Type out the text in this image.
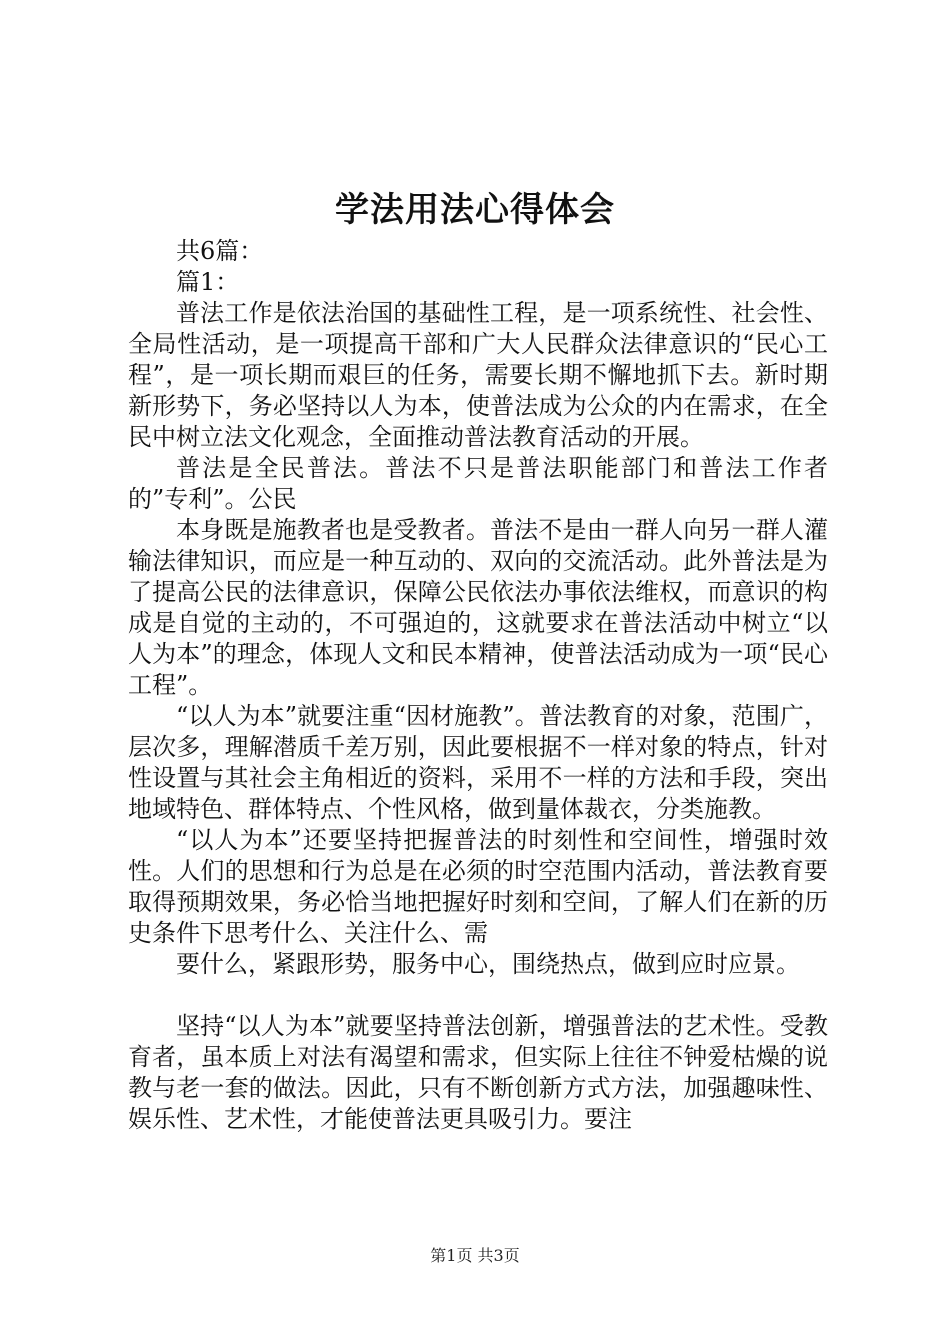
学法用法心得体会

共6篇：

篇1：

普法工作是依法治国的基础性工程，是一项系统性、社会性、全局性活动，是一项提高干部和广大人民群众法律意识的“民心工程”，是一项长期而艰巨的任务，需要长期不懈地抓下去。新时期新形势下，务必坚持以人为本，使普法成为公众的内在需求，在全民中树立法文化观念，全面推动普法教育活动的开展。

普法是全民普法。普法不只是普法职能部门和普法工作者的”专利”。公民

本身既是施教者也是受教者。普法不是由一群人向另一群人灌输法律知识，而应是一种互动的、双向的交流活动。此外普法是为了提高公民的法律意识，保障公民依法办事依法维权，而意识的构成是自觉的主动的，不可强迫的，这就要求在普法活动中树立“以人为本”的理念，体现人文和民本精神，使普法活动成为一项“民心工程”。

“以人为本”就要注重“因材施教”。普法教育的对象，范围广，层次多，理解潜质千差万别，因此要根据不一样对象的特点，针对性设置与其社会主角相近的资料，采用不一样的方法和手段，突出地域特色、群体特点、个性风格，做到量体裁衣，分类施教。

“以人为本”还要坚持把握普法的时刻性和空间性，增强时效性。人们的思想和行为总是在必须的时空范围内活动，普法教育要取得预期效果，务必恰当地把握好时刻和空间，了解人们在新的历史条件下思考什么、关注什么、需

要什么，紧跟形势，服务中心，围绕热点，做到应时应景。

坚持“以人为本”就要坚持普法创新，增强普法的艺术性。受教育者，虽本质上对法有渴望和需求，但实际上往往不钟爱枯燥的说教与老一套的做法。因此，只有不断创新方式方法，加强趣味性、娱乐性、艺术性，才能使普法更具吸引力。要注

第1页 共3页
